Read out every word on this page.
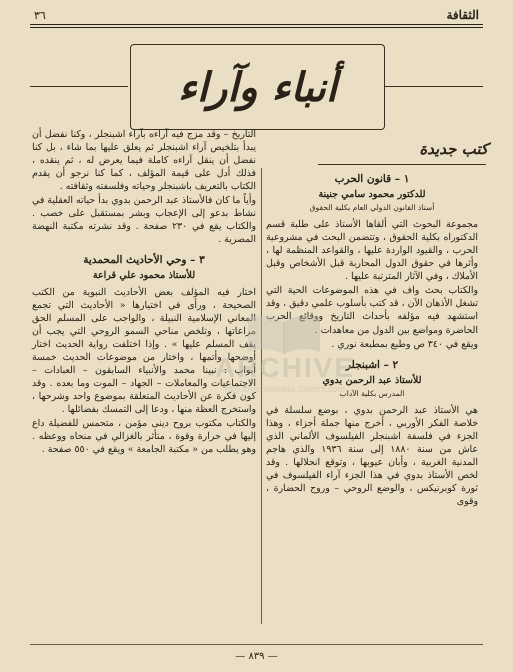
الثقافة
٣٦
أنباء وآراء
كتب جديدة
١ – قانون الحرب
للدكتور محمود سامي جنينة
أستاذ القانون الدولي العام بكلية الحقوق

مجموعة البحوث التي ألقاها الأستاذ على طلبة قسم الدكتوراه بكلية الحقوق ، وتتضمن البحث في مشروعية الحرب ، والقيود الواردة عليها ، والقواعد المنظمة لها ، وأثرها في حقوق الدول المحاربة قبل الأشخاص وقبل الأملاك ، وفي الآثار المترتبة عليها .

والكتاب بحث واف في هذه الموضوعات الحية التي تشغل الأذهان الآن ، قد كتب بأسلوب علمي دقيق ، وقد استشهد فيه مؤلفه بأحداث التاريخ ووقائع الحرب الحاضرة ومواضع بين الدول من معاهدات .

ويقع في ٣٤٠ ص وطبع بمطبعة نوري .

٢ – اشبنجلر
للأستاذ عبد الرحمن بدوي
المدرس بكلية الآداب

هي الأستاذ عبد الرحمن بدوي ، بوضع سلسلة في خلاصة الفكر الأوربي ، أخرج منها جملة أجزاء ، وهذا الجزء في فلسفة اشبنجلر الفيلسوف الألماني الذي عاش من سنة ١٨٨٠ إلى سنة ١٩٣٦ والذي هاجم المدنية الغربية ، وأبان عيوبها ، وتوقع انحلالها . وقد لخص الأستاذ بدوي في هذا الجزء آراء الفيلسوف في ثورة كوبرنيكس ، والوضع الروحي – وروح الحضارة ، وقوى

التاريخ – وقد مزج فيه آراءه بآراء اشبنجلر ، وكنا نفضل أن يبدأ بتلخيص آراء اشبنجلر ثم يعلق عليها بما شاء ، بل كنا نفضل أن ينقل آراءه كاملة فيما يعرض له ، ثم ينقده ، فذلك أدل على قيمة المؤلف ، كما كنا نرجو أن يقدم الكتاب بالتعريف باشبنجلر وحياته وفلسفته وثقافته .

وأياً ما كان فالأستاذ عبد الرحمن بدوي بدأ حياته العقلية في نشاط بدعو إلى الإعجاب وبشر بمستقبل على خصب . والكتاب يقع في ٢٣٠ صفحة . وقد نشرته مكتبة النهضة المصرية .

٣ – وحي الأحاديث المحمدية
للأستاذ محمود علي قراعة

اختار فيه المؤلف بعض الأحاديث النبوية من الكتب الصحيحة ، ورأى في اختيارها « الأحاديث التي تجمع المعاني الإسلامية النبيلة ، والواجب على المسلم الحق مراعاتها ، وتلخص مناحي السمو الروحي التي يجب أن يقف المسلم عليها » . وإذا اختلفت رواية الحديث اختار أوضحها وأتمها ، واختار من موضوعات الحديث خمسة أبواب : نبينا محمد والأنبياء السابقون – العبادات – الاجتماعيات والمعاملات – الجهاد – الموت وما بعده . وقد كون فكرة عن الأحاديث المتعلقة بموضوع واحد وشرحها ، واستخرج العظة منها ، ودعا إلى التمسك بفضائلها .

والكتاب مكتوب بروح دينى مؤمن ، متحمس للفضيلة داع إليها في حرارة وقوة ، متأثر بالغزالي في منحاه ووعظه . وهو يطلب من « مكتبة الجامعة » ويقع في ٥٥٠ صفحة .

ARCHIVE
http://Archivebeta.Sakhrit.com
— ٨٣٩ —
